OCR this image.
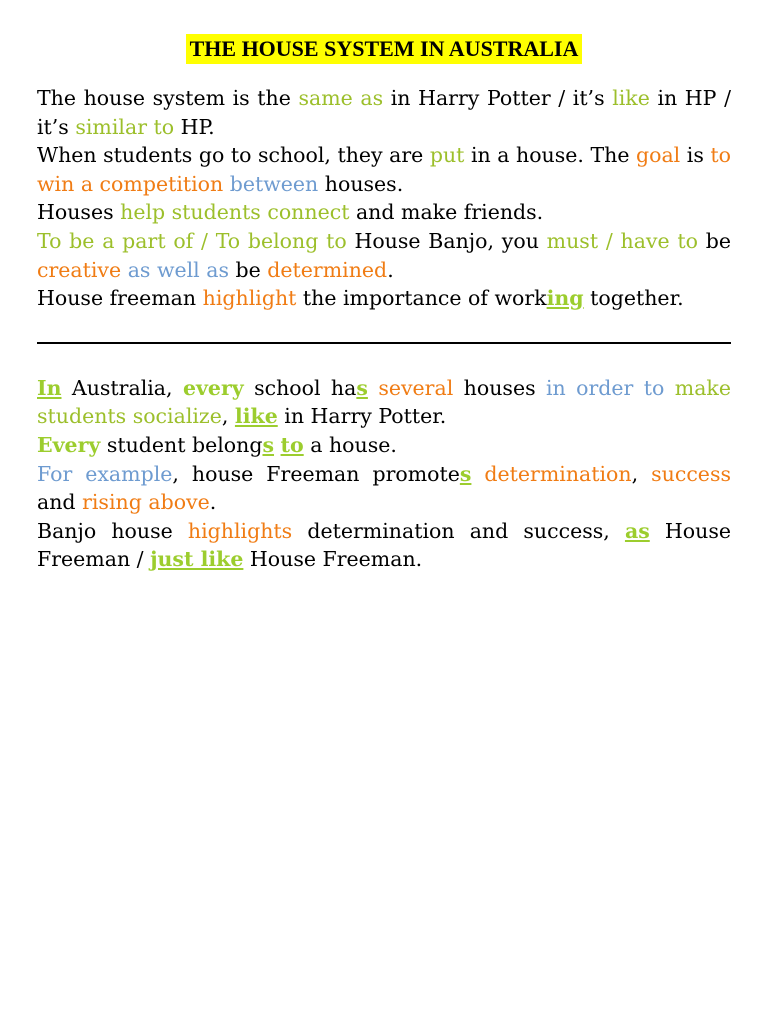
THE HOUSE SYSTEM IN AUSTRALIA

The house system is the same as in Harry Potter / it’s like in HP / it’s similar to HP.

When students go to school, they are put in a house. The goal is to win a competition between houses.

Houses help students connect and make friends.

To be a part of / To belong to House Banjo, you must / have to be creative as well as be determined.

House freeman highlight the importance of working together.

In Australia, every school has several houses in order to make students socialize, like in Harry Potter.

Every student belongs to a house.

For example, house Freeman promotes determination, success and rising above.

Banjo house highlights determination and success, as House Freeman / just like House Freeman.
